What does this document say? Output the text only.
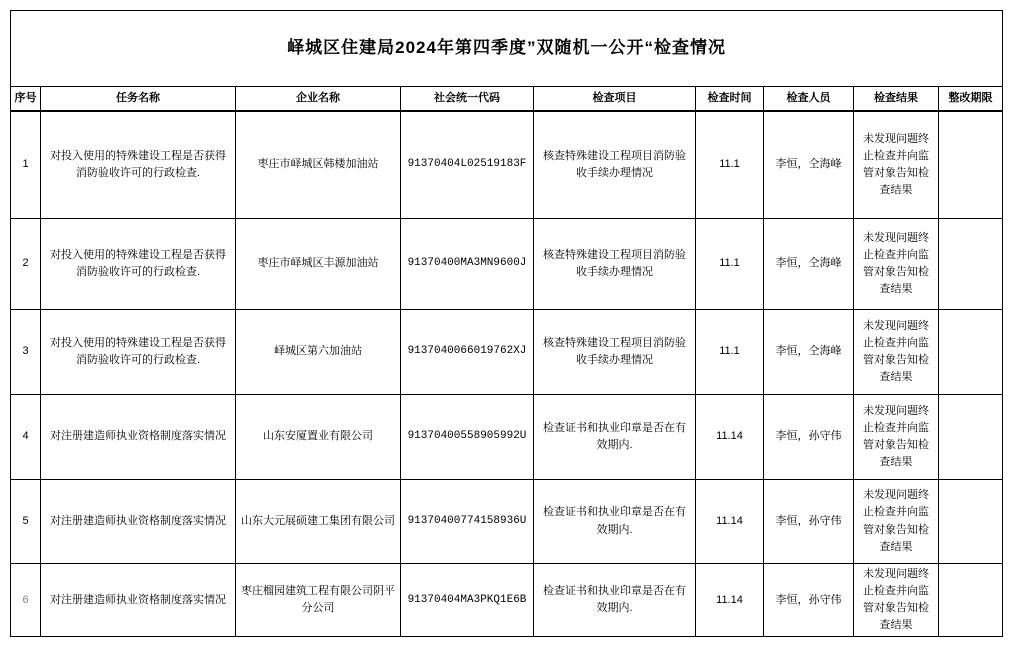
峄城区住建局2024年第四季度”双随机一公开“检查情况								
序号	任务名称	企业名称	社会统一代码	检查项目	检查时间	检查人员	检查结果	整改期限
1	对投入使用的特殊建设工程是否获得消防验收许可的行政检查.	枣庄市峄城区韩楼加油站	91370404L02519183F	核查特殊建设工程项目消防验收手续办理情况	11.1	李恒，仝海峰	未发现问题终止检查并向监管对象告知检查结果	
2	对投入使用的特殊建设工程是否获得消防验收许可的行政检查.	枣庄市峄城区丰源加油站	91370400MA3MN9600J	核查特殊建设工程项目消防验收手续办理情况	11.1	李恒，仝海峰	未发现问题终止检查并向监管对象告知检查结果	
3	对投入使用的特殊建设工程是否获得消防验收许可的行政检查.	峄城区第六加油站	9137040066019762XJ	核查特殊建设工程项目消防验收手续办理情况	11.1	李恒，仝海峰	未发现问题终止检查并向监管对象告知检查结果	
4	对注册建造师执业资格制度落实情况	山东安厦置业有限公司	91370400558905992U	检查证书和执业印章是否在有效期内.	11.14	李恒，孙守伟	未发现问题终止检查并向监管对象告知检查结果	
5	对注册建造师执业资格制度落实情况	山东大元展硕建工集团有限公司	91370400774158936U	检查证书和执业印章是否在有效期内.	11.14	李恒，孙守伟	未发现问题终止检查并向监管对象告知检查结果	
6	对注册建造师执业资格制度落实情况	枣庄榴园建筑工程有限公司阴平分公司	91370404MA3PKQ1E6B	检查证书和执业印章是否在有效期内.	11.14	李恒，孙守伟	未发现问题终止检查并向监管对象告知检查结果	
